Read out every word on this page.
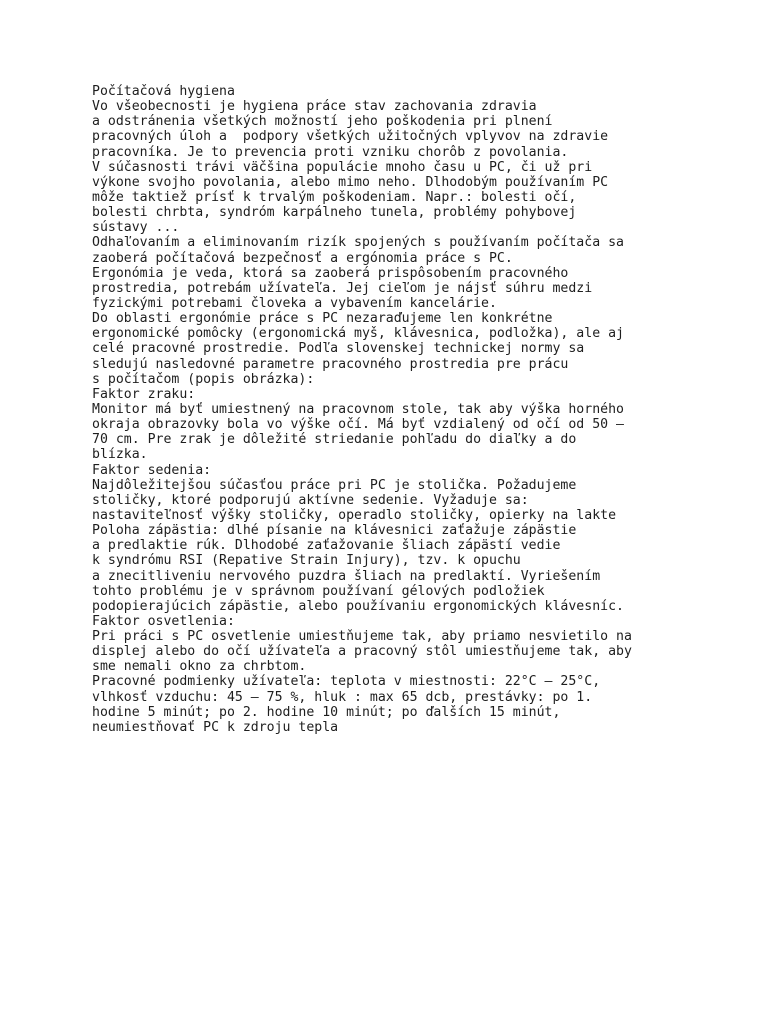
Počítačová hygiena
Vo všeobecnosti je hygiena práce stav zachovania zdravia
a odstránenia všetkých možností jeho poškodenia pri plnení
pracovných úloh a  podpory všetkých užitočných vplyvov na zdravie
pracovníka. Je to prevencia proti vzniku chorôb z povolania.
V súčasnosti trávi väčšina populácie mnoho času u PC, či už pri
výkone svojho povolania, alebo mimo neho. Dlhodobým používaním PC
môže taktiež prísť k trvalým poškodeniam. Napr.: bolesti očí,
bolesti chrbta, syndróm karpálneho tunela, problémy pohybovej
sústavy ...
Odhaľovaním a eliminovaním rizík spojených s používaním počítača sa
zaoberá počítačová bezpečnosť a ergónomia práce s PC.
Ergonómia je veda, ktorá sa zaoberá prispôsobením pracovného
prostredia, potrebám užívateľa. Jej cieľom je nájsť súhru medzi
fyzickými potrebami človeka a vybavením kancelárie.
Do oblasti ergonómie práce s PC nezaraďujeme len konkrétne
ergonomické pomôcky (ergonomická myš, klávesnica, podložka), ale aj
celé pracovné prostredie. Podľa slovenskej technickej normy sa
sledujú nasledovné parametre pracovného prostredia pre prácu
s počítačom (popis obrázka):
Faktor zraku:
Monitor má byť umiestnený na pracovnom stole, tak aby výška horného
okraja obrazovky bola vo výške očí. Má byť vzdialený od očí od 50 –
70 cm. Pre zrak je dôležité striedanie pohľadu do diaľky a do
blízka.
Faktor sedenia:
Najdôležitejšou súčasťou práce pri PC je stolička. Požadujeme
stoličky, ktoré podporujú aktívne sedenie. Vyžaduje sa:
nastaviteľnosť výšky stoličky, operadlo stoličky, opierky na lakte
Poloha zápästia: dlhé písanie na klávesnici zaťažuje zápästie
a predlaktie rúk. Dlhodobé zaťažovanie šliach zápästí vedie
k syndrómu RSI (Repative Strain Injury), tzv. k opuchu
a znecitliveniu nervového puzdra šliach na predlaktí. Vyriešením
tohto problému je v správnom používaní gélových podložiek
podopierajúcich zápästie, alebo používaniu ergonomických klávesníc.
Faktor osvetlenia:
Pri práci s PC osvetlenie umiestňujeme tak, aby priamo nesvietilo na
displej alebo do očí užívateľa a pracovný stôl umiestňujeme tak, aby
sme nemali okno za chrbtom.
Pracovné podmienky užívateľa: teplota v miestnosti: 22°C – 25°C,
vlhkosť vzduchu: 45 – 75 %, hluk : max 65 dcb, prestávky: po 1.
hodine 5 minút; po 2. hodine 10 minút; po ďalších 15 minút,
neumiestňovať PC k zdroju tepla
